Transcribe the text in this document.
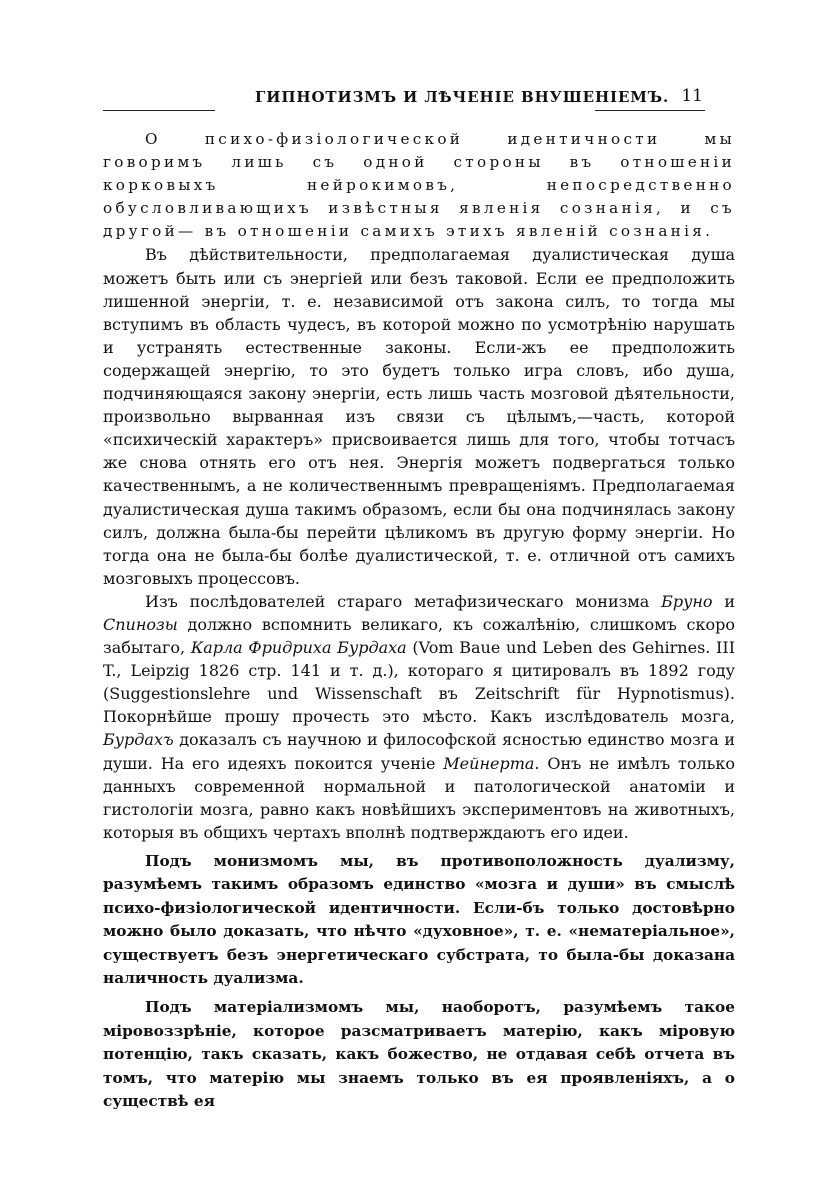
ГИПНОТИЗМЪ И ЛѢЧЕНІЕ ВНУШЕНІЕМЪ. 11

О психо-физіологической идентичности мы говоримъ лишь съ одной стороны въ отношеніи корковыхъ нейрокимовъ, непосредственно обусловливающихъ извѣстныя явленія сознанія, и съ другой— въ отношеніи самихъ этихъ явленій сознанія.

Въ дѣйствительности, предполагаемая дуалистическая душа можетъ быть или съ энергіей или безъ таковой. Если ее предположить лишенной энергіи, т. е. независимой отъ закона силъ, то тогда мы вступимъ въ область чудесъ, въ которой можно по усмотрѣнію нарушать и устранять естественные законы. Если-жъ ее предположить содержащей энергію, то это будетъ только игра словъ, ибо душа, подчиняющаяся закону энергіи, есть лишь часть мозговой дѣятельности, произвольно вырванная изъ связи съ цѣлымъ,—часть, которой «психическій характеръ» присвоивается лишь для того, чтобы тотчасъ же снова отнять его отъ нея. Энергія можетъ подвергаться только качественнымъ, а не количественнымъ превращеніямъ. Предполагаемая дуалистическая душа такимъ образомъ, если бы она подчинялась закону силъ, должна была-бы перейти цѣликомъ въ другую форму энергіи. Но тогда она не была-бы болѣе дуалистической, т. е. отличной отъ самихъ мозговыхъ процессовъ.

Изъ послѣдователей стараго метафизическаго монизма Бруно и Спинозы должно вспомнить великаго, къ сожалѣнію, слишкомъ скоро забытаго, Карла Фридриха Бурдаха (Vom Baue und Leben des Gehirnes. III T., Leipzig 1826 стр. 141 и т. д.), котораго я цитировалъ въ 1892 году (Suggestionslehre und Wissenschaft въ Zeitschrift für Hypnotismus). Покорнѣйше прошу прочесть это мѣсто. Какъ изслѣдователь мозга, Бурдахъ доказалъ съ научною и философской ясностью единство мозга и души. На его идеяхъ покоится ученіе Мейнерта. Онъ не имѣлъ только данныхъ современной нормальной и патологической анатоміи и гистологіи мозга, равно какъ новѣйшихъ экспериментовъ на животныхъ, которыя въ общихъ чертахъ вполнѣ подтверждаютъ его идеи.

Подъ монизмомъ мы, въ противоположность дуализму, разумѣемъ такимъ образомъ единство «мозга и души» въ смыслѣ психо-физіологической идентичности. Если-бъ только достовѣрно можно было доказать, что нѣчто «духовное», т. е. «нематеріальное», существуетъ безъ энергетическаго субстрата, то была-бы доказана наличность дуализма.

Подъ матеріализмомъ мы, наоборотъ, разумѣемъ такое міровоззрѣніе, которое разсматриваетъ матерію, какъ міровую потенцію, такъ сказать, какъ божество, не отдавая себѣ отчета въ томъ, что матерію мы знаемъ только въ ея проявленіяхъ, а о существѣ ея
